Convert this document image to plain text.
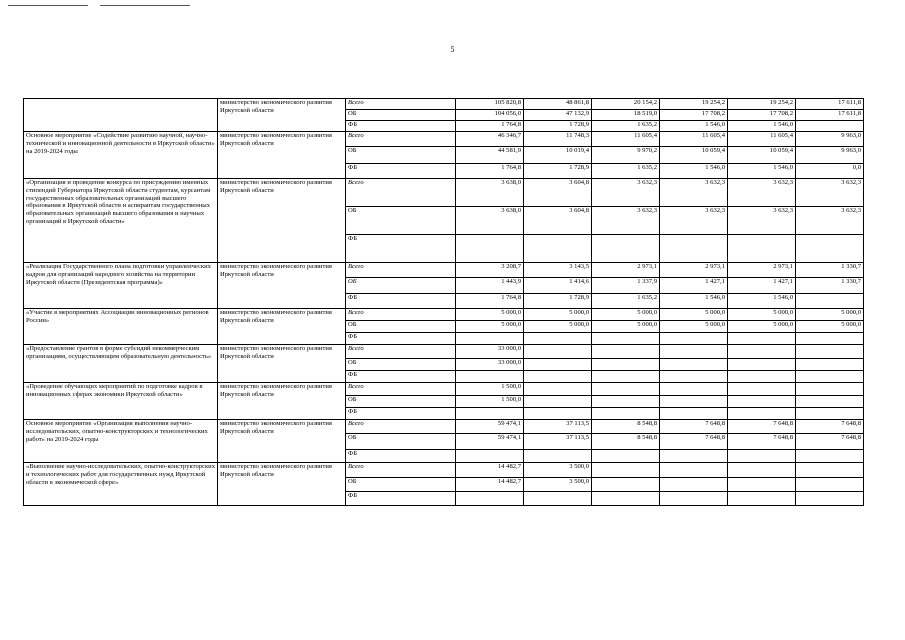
5
	министерство экономического развития Иркутской области	Всего	105 820,8	48 861,8	20 154,2	19 254,2	19 254,2	17 611,8
		ОБ	104 056,0	47 132,9	18 519,0	17 708,2	17 708,2	17 611,8
		ФБ	1 764,8	1 728,9	1 635,2	1 546,0	1 546,0	
Основное мероприятие «Содействие развитию научной, научно-технической и инновационной деятельности в Иркутской области» на 2019-2024 годы	министерство экономического развития Иркутской области	Всего	46 346,7	11 748,3	11 605,4	11 605,4	11 605,4	9 963,0
		ОБ	44 581,9	10 019,4	9 970,2	10 059,4	10 059,4	9 963,0
		ФБ	1 764,8	1 728,9	1 635,2	1 546,0	1 546,0	0,0
«Организация и проведение конкурса по присуждению именных стипендий Губернатора Иркутской области студентам, курсантам государственных образовательных организаций высшего образования в Иркутской области и аспирантам государственных образовательных организаций высшего образования и научных организаций в Иркутской области»	министерство экономического развития Иркутской области	Всего	3 638,0	3 604,8	3 632,3	3 632,3	3 632,3	3 632,3
		ОБ	3 638,0	3 604,8	3 632,3	3 632,3	3 632,3	3 632,3
		ФБ						
«Реализация Государственного плана подготовки управленческих кадров для организаций народного хозяйства на территории Иркутской области (Президентская программа)»	министерство экономического развития Иркутской области	Всего	3 208,7	3 143,5	2 973,1	2 973,1	2 973,1	1 330,7
		ОБ	1 443,9	1 414,6	1 337,9	1 427,1	1 427,1	1 330,7
		ФБ	1 764,8	1 728,9	1 635,2	1 546,0	1 546,0	
«Участие в мероприятиях Ассоциации инновационных регионов России»	министерство экономического развития Иркутской области	Всего	5 000,0	5 000,0	5 000,0	5 000,0	5 000,0	5 000,0
		ОБ	5 000,0	5 000,0	5 000,0	5 000,0	5 000,0	5 000,0
		ФБ						
«Предоставление грантов в форме субсидий некоммерческим организациям, осуществляющим образовательную деятельность»	министерство экономического развития Иркутской области	Всего	33 000,0					
		ОБ	33 000,0					
		ФБ						
«Проведение обучающих мероприятий по подготовке кадров в инновационных сферах экономики Иркутской области»	министерство экономического развития Иркутской области	Всего	1 500,0					
		ОБ	1 500,0					
		ФБ						
Основное мероприятие «Организация выполнения научно-исследовательских, опытно-конструкторских и технологических работ» на 2019-2024 годы	министерство экономического развития Иркутской области	Всего	59 474,1	37 113,5	8 548,8	7 648,8	7 648,8	7 648,8
		ОБ	59 474,1	37 113,5	8 548,8	7 648,8	7 648,8	7 648,8
		ФБ						
«Выполнение научно-исследовательских, опытно-конструкторских и технологических работ для государственных нужд Иркутской области в экономической сфере»	министерство экономического развития Иркутской области	Всего	14 482,7	3 500,0				
		ОБ	14 482,7	3 500,0				
		ФБ						
